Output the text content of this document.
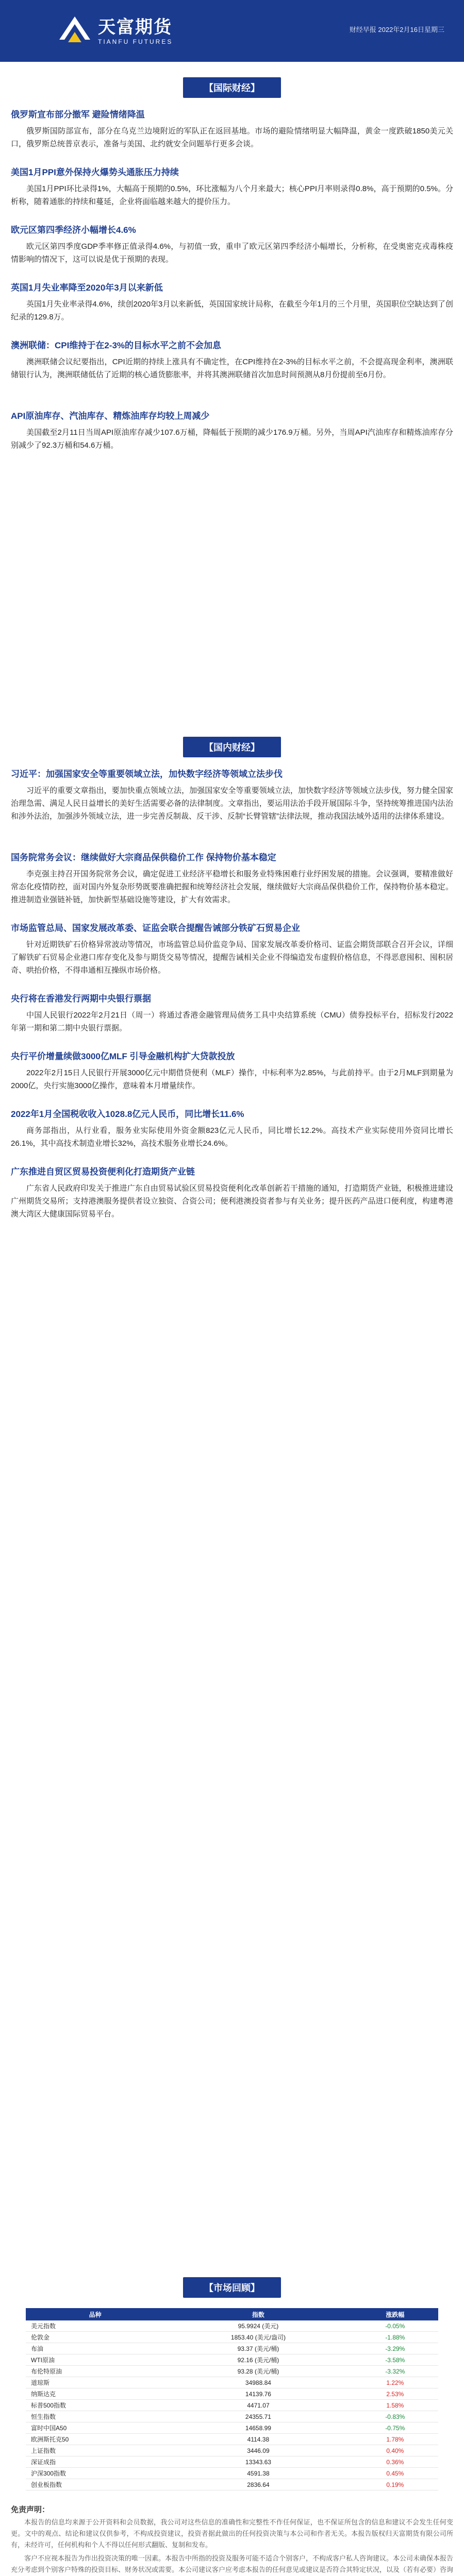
天富期货
TIANFU FUTURES
财经早报 2022年2月16日星期三
【国际财经】
俄罗斯宣布部分撤军 避险情绪降温
俄罗斯国防部宣布，部分在乌克兰边境附近的军队正在返回基地。市场的避险情绪明显大幅降温，黄金一度跌破1850美元关口，俄罗斯总统普京表示，准备与美国、北约就安全问题举行更多会谈。
美国1月PPI意外保持火爆势头通胀压力持续
美国1月PPI环比录得1%，大幅高于预期的0.5%，环比涨幅为八个月来最大；核心PPI月率则录得0.8%，高于预期的0.5%。分析称，随着通胀的持续和蔓延，企业将面临越来越大的提价压力。
欧元区第四季经济小幅增长4.6%
欧元区第四季度GDP季率修正值录得4.6%，与初值一致，重申了欧元区第四季经济小幅增长，分析称，在受奥密克戎毒株疫情影响的情况下，这可以说是优于预期的表现。
英国1月失业率降至2020年3月以来新低
英国1月失业率录得4.6%，续创2020年3月以来新低，英国国家统计局称，在截至今年1月的三个月里，英国职位空缺达到了创纪录的129.8万。
澳洲联储：CPI维持于在2-3%的目标水平之前不会加息
澳洲联储会议纪要指出，CPI近期的持续上涨具有不确定性，在CPI维持在2-3%的目标水平之前，不会提高现金利率，澳洲联储银行认为，澳洲联储低估了近期的核心通货膨胀率，并将其澳洲联储首次加息时间预测从8月份提前至6月份。
API原油库存、汽油库存、精炼油库存均较上周减少
美国截至2月11日当周API原油库存减少107.6万桶，降幅低于预期的减少176.9万桶。另外，当周API汽油库存和精炼油库存分别减少了92.3万桶和54.6万桶。
【国内财经】
习近平：加强国家安全等重要领域立法，加快数字经济等领域立法步伐
习近平的重要文章指出，要加快重点领域立法，加强国家安全等重要领域立法，加快数字经济等领域立法步伐，努力健全国家治理急需、满足人民日益增长的美好生活需要必备的法律制度。文章指出，要运用法治手段开展国际斗争，坚持统筹推进国内法治和涉外法治，加强涉外领域立法，进一步完善反制裁、反干涉、反制“长臂管辖”法律法规，推动我国法域外适用的法律体系建设。
国务院常务会议：继续做好大宗商品保供稳价工作 保持物价基本稳定
李克强主持召开国务院常务会议，确定促进工业经济平稳增长和服务业特殊困难行业纾困发展的措施。会议强调，要精准做好常态化疫情防控，面对国内外复杂形势既要准确把握和统筹经济社会发展，继续做好大宗商品保供稳价工作，保持物价基本稳定。推进制造业强链补链，加快新型基础设施等建设，扩大有效需求。
市场监管总局、国家发展改革委、证监会联合提醒告诫部分铁矿石贸易企业
针对近期铁矿石价格异常波动等情况，市场监管总局价监竞争局、国家发展改革委价格司、证监会期货部联合召开会议，详细了解铁矿石贸易企业港口库存变化及参与期货交易等情况，提醒告诫相关企业不得编造发布虚假价格信息，不得恶意囤积、囤积居奇、哄抬价格，不得串通相互操纵市场价格。
央行将在香港发行两期中央银行票据
中国人民银行2022年2月21日（周一）将通过香港金融管理局债务工具中央结算系统（CMU）债券投标平台，招标发行2022年第一期和第二期中央银行票据。
央行平价增量续做3000亿MLF 引导金融机构扩大贷款投放
2022年2月15日人民银行开展3000亿元中期借贷便利（MLF）操作，中标利率为2.85%，与此前持平。由于2月MLF到期量为2000亿，央行实施3000亿操作，意味着本月增量续作。
2022年1月全国税收收入1028.8亿元人民币，同比增长11.6%
商务部指出，从行业看，服务业实际使用外资金额823亿元人民币，同比增长12.2%。高技术产业实际使用外资同比增长26.1%，其中高技术制造业增长32%，高技术服务业增长24.6%。
广东推进自贸区贸易投资便利化打造期货产业链
广东省人民政府印发关于推进广东自由贸易试验区贸易投资便利化改革创新若干措施的通知，打造期货产业链，积极推进建设广州期货交易所；支持港澳服务提供者设立独资、合资公司；便利港澳投资者参与有关业务；提升医药产品进口便利度，构建粤港澳大湾区大健康国际贸易平台。
【市场回顾】
品种	指数	涨跌幅
美元指数	95.9924 (美元)	-0.05%
伦敦金	1853.40 (美元/盎司)	-1.88%
布油	93.37 (美元/桶)	-3.29%
WTI原油	92.16 (美元/桶)	-3.58%
布伦特原油	93.28 (美元/桶)	-3.32%
道琼斯	34988.84	1.22%
纳斯达克	14139.76	2.53%
标普500指数	4471.07	1.58%
恒生指数	24355.71	-0.83%
富时中国A50	14658.99	-0.75%
欧洲斯托克50	4114.38	1.78%
上证指数	3446.09	0.40%
深证成指	13343.63	0.36%
沪深300指数	4591.38	0.45%
创业板指数	2836.64	0.19%
免责声明：
本报告的信息均来源于公开资料和会员数据，我公司对这些信息的准确性和完整性不作任何保证，也不保证所包含的信息和建议不会发生任何变更。文中的观点、结论和建议仅供参考，不构成投资建议，投资者据此做出的任何投资决策与本公司和作者无关。本报告版权归天富期货有限公司所有，未经许可，任何机构和个人不得以任何形式翻版、复制和发布。
客户不应视本报告为作出投资决策的唯一因素。本报告中所指的投资及服务可能不适合个别客户，不构成客户私人咨询建议。本公司未确保本报告充分考虑到个别客户特殊的投资目标、财务状况或需要。本公司建议客户应考虑本报告的任何意见或建议是否符合其特定状况，以及（若有必要）咨询
